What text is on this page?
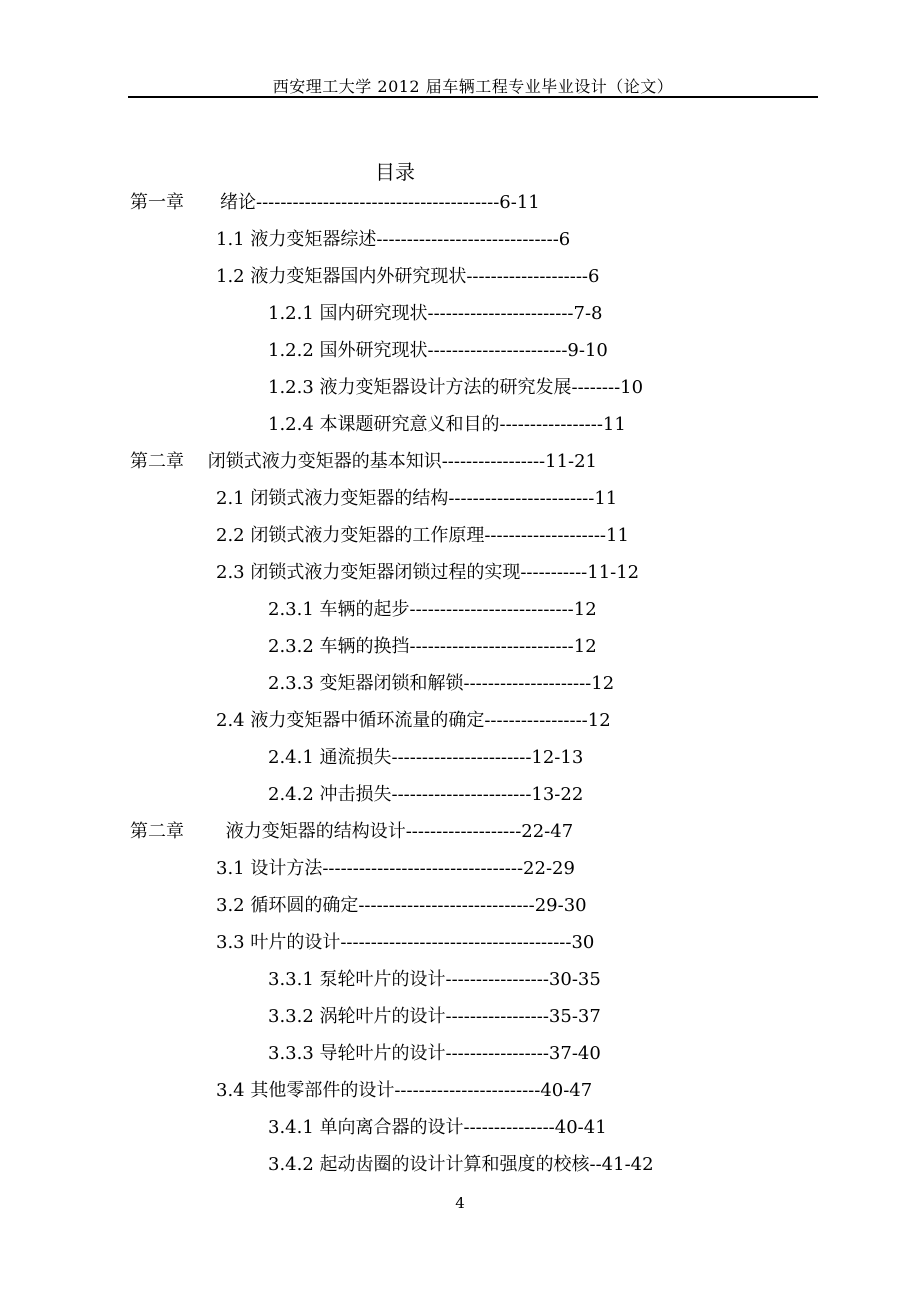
西安理工大学 2012 届车辆工程专业毕业设计（论文）
目录
第一章　　绪论----------------------------------------6-11
1.1 液力变矩器综述------------------------------6
1.2 液力变矩器国内外研究现状--------------------6
1.2.1 国内研究现状------------------------7-8
1.2.2 国外研究现状-----------------------9-10
1.2.3 液力变矩器设计方法的研究发展--------10
1.2.4 本课题研究意义和目的-----------------11
第二章　 闭锁式液力变矩器的基本知识-----------------11-21
2.1 闭锁式液力变矩器的结构------------------------11
2.2 闭锁式液力变矩器的工作原理--------------------11
2.3 闭锁式液力变矩器闭锁过程的实现-----------11-12
2.3.1 车辆的起步---------------------------12
2.3.2 车辆的换挡---------------------------12
2.3.3 变矩器闭锁和解锁---------------------12
2.4 液力变矩器中循环流量的确定-----------------12
2.4.1 通流损失-----------------------12-13
2.4.2 冲击损失-----------------------13-22
第二章　　 液力变矩器的结构设计-------------------22-47
3.1 设计方法---------------------------------22-29
3.2 循环圆的确定-----------------------------29-30
3.3 叶片的设计--------------------------------------30
3.3.1 泵轮叶片的设计-----------------30-35
3.3.2 涡轮叶片的设计-----------------35-37
3.3.3 导轮叶片的设计-----------------37-40
3.4 其他零部件的设计------------------------40-47
3.4.1 单向离合器的设计---------------40-41
3.4.2 起动齿圈的设计计算和强度的校核--41-42
4
